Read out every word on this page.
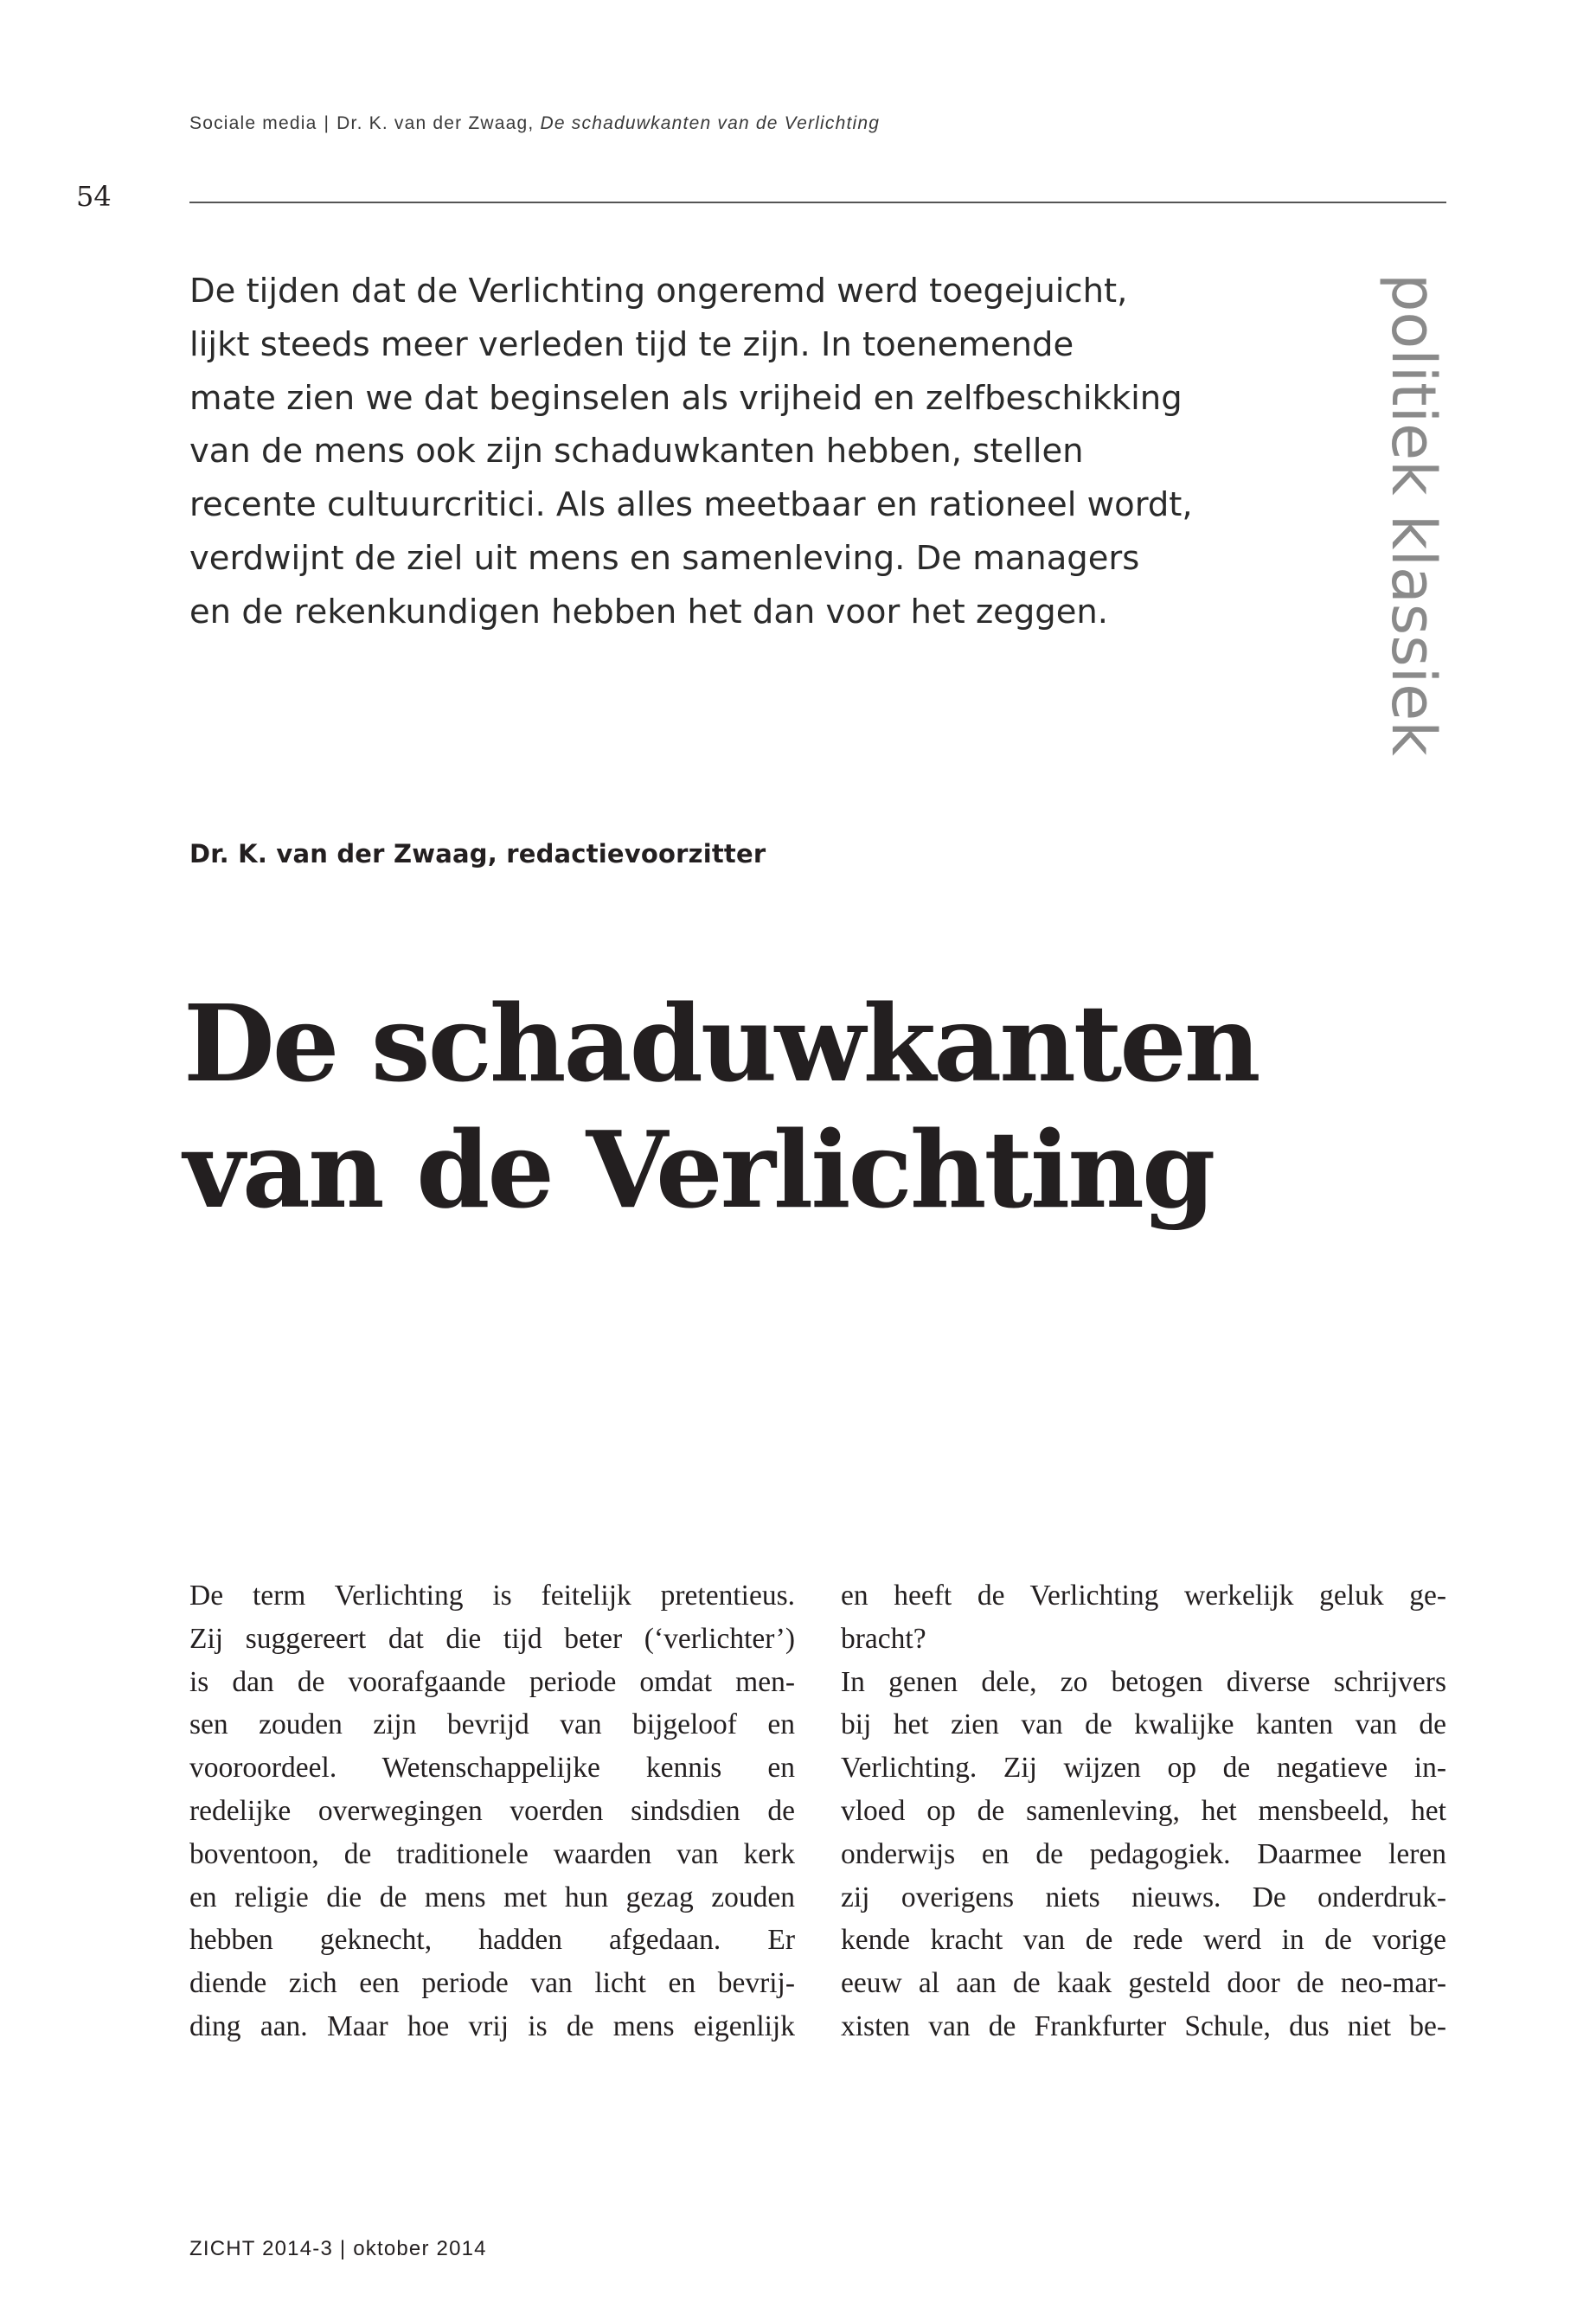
Sociale media | Dr. K. van der Zwaag, De schaduwkanten van de Verlichting
54

De tijden dat de Verlichting ongeremd werd toegejuicht,
lijkt steeds meer verleden tijd te zijn. In toenemende
mate zien we dat beginselen als vrijheid en zelfbeschikking
van de mens ook zijn schaduwkanten hebben, stellen
recente cultuurcritici. Als alles meetbaar en rationeel wordt,
verdwijnt de ziel uit mens en samenleving. De managers
en de rekenkundigen hebben het dan voor het zeggen.	politiek klassiek
Dr. K. van der Zwaag, redactievoorzitter
De schaduwkanten
van de Verlichting

De term Verlichting is feitelijk pretentieus.
Zij suggereert dat die tijd beter (‘verlichter’)
is dan de voorafgaande periode omdat men-
sen zouden zijn bevrijd van bijgeloof en
vooroordeel. Wetenschappelijke kennis en
redelijke overwegingen voerden sindsdien de
boventoon, de traditionele waarden van kerk
en religie die de mens met hun gezag zouden
hebben geknecht, hadden afgedaan. Er
diende zich een periode van licht en bevrij-
ding aan. Maar hoe vrij is de mens eigenlijk

en heeft de Verlichting werkelijk geluk ge-
bracht?
In genen dele, zo betogen diverse schrijvers
bij het zien van de kwalijke kanten van de
Verlichting. Zij wijzen op de negatieve in-
vloed op de samenleving, het mensbeeld, het
onderwijs en de pedagogiek. Daarmee leren
zij overigens niets nieuws. De onderdruk-
kende kracht van de rede werd in de vorige
eeuw al aan de kaak gesteld door de neo-mar-
xisten van de Frankfurter Schule, dus niet be-

ZICHT 2014-3 | oktober 2014
